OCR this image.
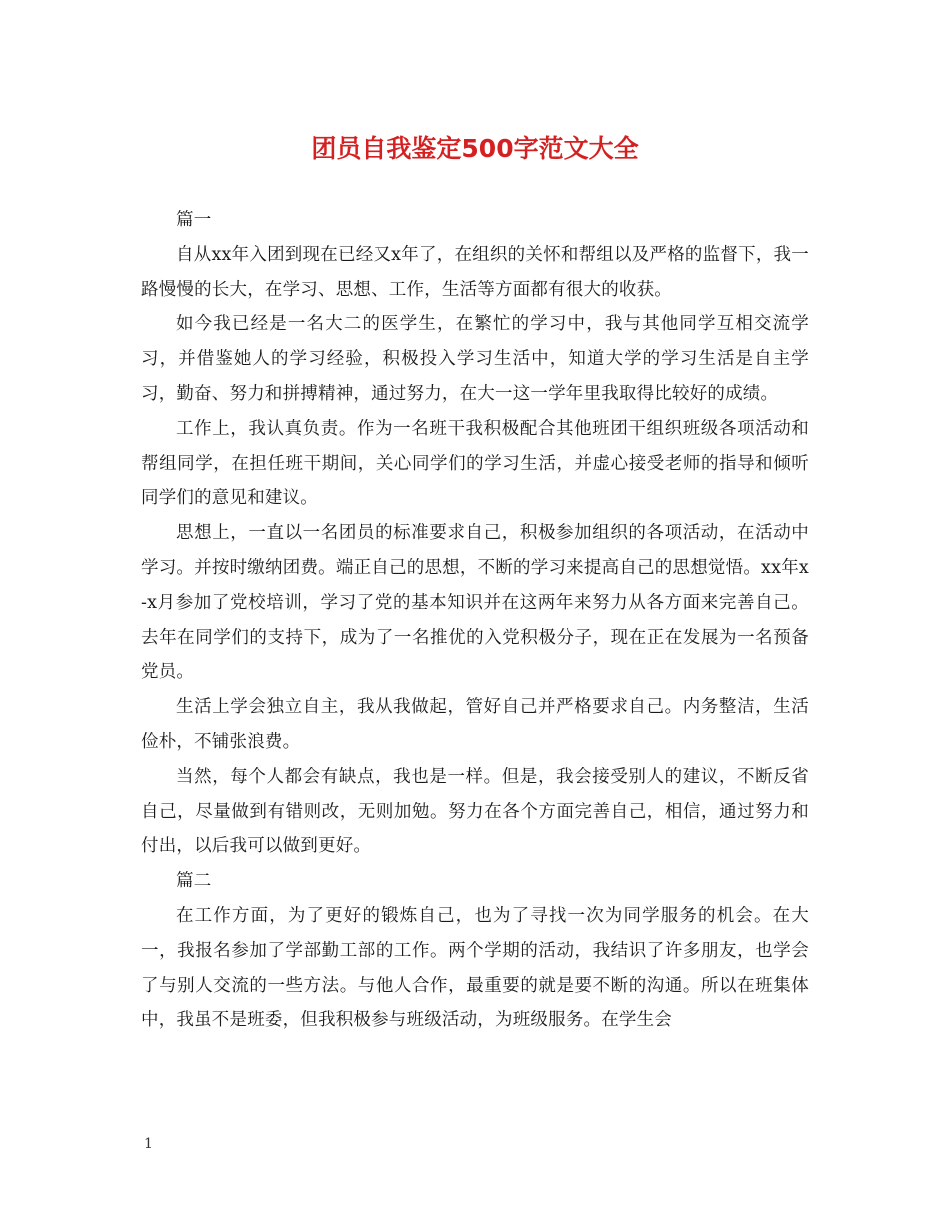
团员自我鉴定500字范文大全

篇一

自从xx年入团到现在已经又x年了，在组织的关怀和帮组以及严格的监督下，我一路慢慢的长大，在学习、思想、工作，生活等方面都有很大的收获。

如今我已经是一名大二的医学生，在繁忙的学习中，我与其他同学互相交流学习，并借鉴她人的学习经验，积极投入学习生活中，知道大学的学习生活是自主学习，勤奋、努力和拼搏精神，通过努力，在大一这一学年里我取得比较好的成绩。

工作上，我认真负责。作为一名班干我积极配合其他班团干组织班级各项活动和帮组同学，在担任班干期间，关心同学们的学习生活，并虚心接受老师的指导和倾听同学们的意见和建议。

思想上，一直以一名团员的标准要求自己，积极参加组织的各项活动，在活动中学习。并按时缴纳团费。端正自己的思想，不断的学习来提高自己的思想觉悟。xx年x-x月参加了党校培训，学习了党的基本知识并在这两年来努力从各方面来完善自己。去年在同学们的支持下，成为了一名推优的入党积极分子，现在正在发展为一名预备党员。

生活上学会独立自主，我从我做起，管好自己并严格要求自己。内务整洁，生活俭朴，不铺张浪费。

当然，每个人都会有缺点，我也是一样。但是，我会接受别人的建议，不断反省自己，尽量做到有错则改，无则加勉。努力在各个方面完善自己，相信，通过努力和付出，以后我可以做到更好。

篇二

在工作方面，为了更好的锻炼自己，也为了寻找一次为同学服务的机会。在大一，我报名参加了学部勤工部的工作。两个学期的活动，我结识了许多朋友，也学会了与别人交流的一些方法。与他人合作，最重要的就是要不断的沟通。所以在班集体中，我虽不是班委，但我积极参与班级活动，为班级服务。在学生会

1
